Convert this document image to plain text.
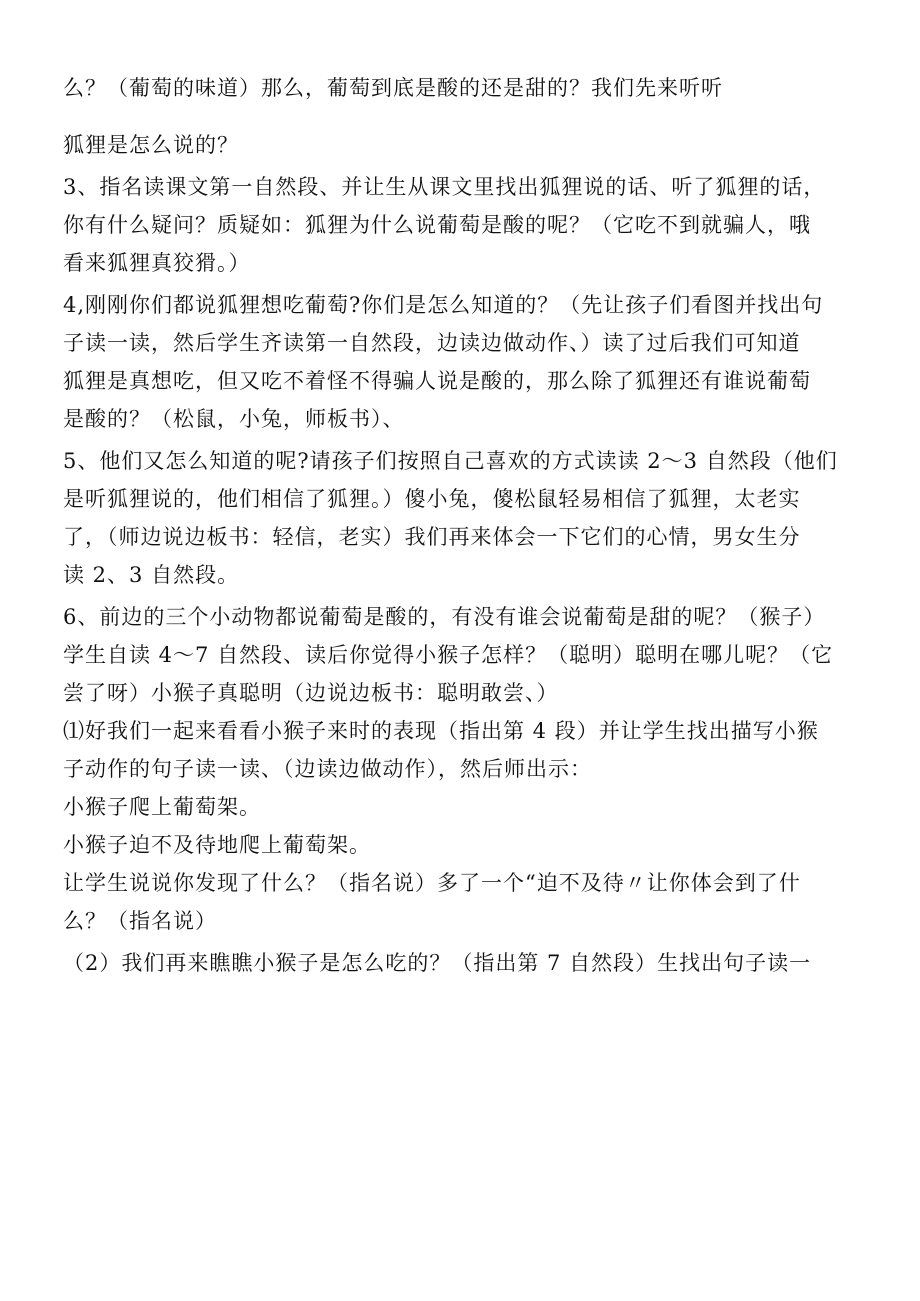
么？（葡萄的味道）那么，葡萄到底是酸的还是甜的？我们先来听听
狐狸是怎么说的？
3、指名读课文第一自然段、并让生从课文里找出狐狸说的话、听了狐狸的话，
你有什么疑问？质疑如：狐狸为什么说葡萄是酸的呢？（它吃不到就骗人，哦
看来狐狸真狡猾。）
4,刚刚你们都说狐狸想吃葡萄?你们是怎么知道的？（先让孩子们看图并找出句
子读一读，然后学生齐读第一自然段，边读边做动作、）读了过后我们可知道
狐狸是真想吃，但又吃不着怪不得骗人说是酸的，那么除了狐狸还有谁说葡萄
是酸的？（松鼠，小兔，师板书）、
5、他们又怎么知道的呢?请孩子们按照自己喜欢的方式读读 2～3 自然段（他们
是听狐狸说的，他们相信了狐狸。）傻小兔，傻松鼠轻易相信了狐狸，太老实
了，（师边说边板书：轻信，老实）我们再来体会一下它们的心情，男女生分
读 2、3 自然段。
6、前边的三个小动物都说葡萄是酸的，有没有谁会说葡萄是甜的呢？（猴子）
学生自读 4～7 自然段、读后你觉得小猴子怎样？（聪明）聪明在哪儿呢？（它
尝了呀）小猴子真聪明（边说边板书：聪明敢尝、）
⑴好我们一起来看看小猴子来时的表现（指出第 4 段）并让学生找出描写小猴
子动作的句子读一读、（边读边做动作），然后师出示：
小猴子爬上葡萄架。
小猴子迫不及待地爬上葡萄架。
让学生说说你发现了什么？（指名说）多了一个“迫不及待〃让你体会到了什
么？（指名说）
（2）我们再来瞧瞧小猴子是怎么吃的？（指出第 7 自然段）生找出句子读一
